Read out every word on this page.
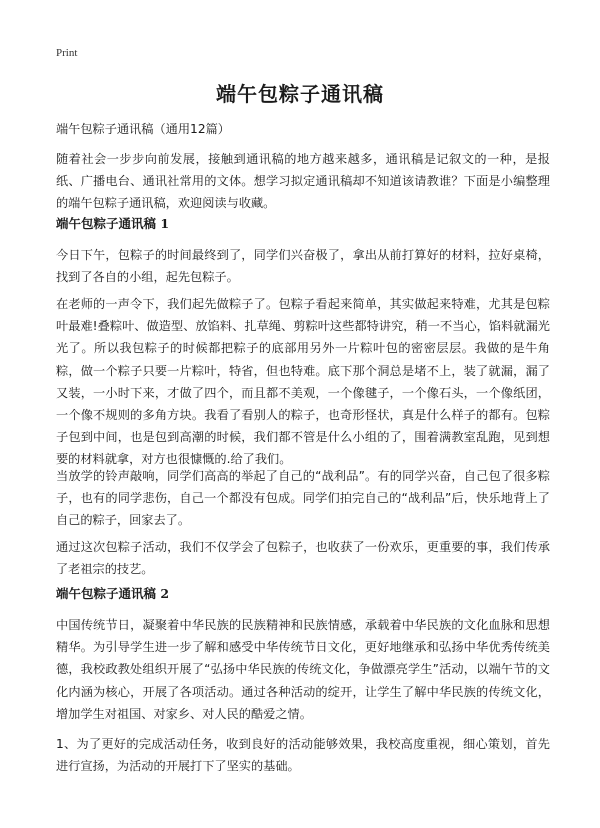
Print
端午包粽子通讯稿
端午包粽子通讯稿（通用12篇）
随着社会一步步向前发展，接触到通讯稿的地方越来越多，通讯稿是记叙文的一种，是报纸、广播电台、通讯社常用的文体。想学习拟定通讯稿却不知道该请教谁？下面是小编整理的端午包粽子通讯稿，欢迎阅读与收藏。
端午包粽子通讯稿 1
今日下午，包粽子的时间最终到了，同学们兴奋极了，拿出从前打算好的材料，拉好桌椅，找到了各自的小组，起先包粽子。
在老师的一声令下，我们起先做粽子了。包粽子看起来简单，其实做起来特难，尤其是包粽叶最难!叠粽叶、做造型、放馅料、扎草绳、剪粽叶这些都特讲究，稍一不当心，馅料就漏光光了。所以我包粽子的时候都把粽子的底部用另外一片粽叶包的密密层层。我做的是牛角粽，做一个粽子只要一片粽叶，特省，但也特难。底下那个洞总是堵不上，装了就漏，漏了又装，一小时下来，才做了四个，而且都不美观，一个像毽子，一个像石头，一个像纸团，一个像不规则的多角方块。我看了看别人的粽子，也奇形怪状，真是什么样子的都有。包粽子包到中间，也是包到高潮的时候，我们都不管是什么小组的了，围着满教室乱跑，见到想要的材料就拿，对方也很慷慨的.给了我们。
当放学的铃声敲响，同学们高高的举起了自己的“战利品”。有的同学兴奋，自己包了很多粽子，也有的同学悲伤，自己一个都没有包成。同学们拍完自己的“战利品”后，快乐地背上了自己的粽子，回家去了。
通过这次包粽子活动，我们不仅学会了包粽子，也收获了一份欢乐，更重要的事，我们传承了老祖宗的技艺。
端午包粽子通讯稿 2
中国传统节日，凝聚着中华民族的民族精神和民族情感，承载着中华民族的文化血脉和思想精华。为引导学生进一步了解和感受中华传统节日文化，更好地继承和弘扬中华优秀传统美德，我校政教处组织开展了“弘扬中华民族的传统文化，争做漂亮学生”活动，以端午节的文化内涵为核心，开展了各项活动。通过各种活动的绽开，让学生了解中华民族的传统文化，增加学生对祖国、对家乡、对人民的酷爱之情。
1、为了更好的完成活动任务，收到良好的活动能够效果，我校高度重视，细心策划，首先进行宣扬，为活动的开展打下了坚实的基础。
